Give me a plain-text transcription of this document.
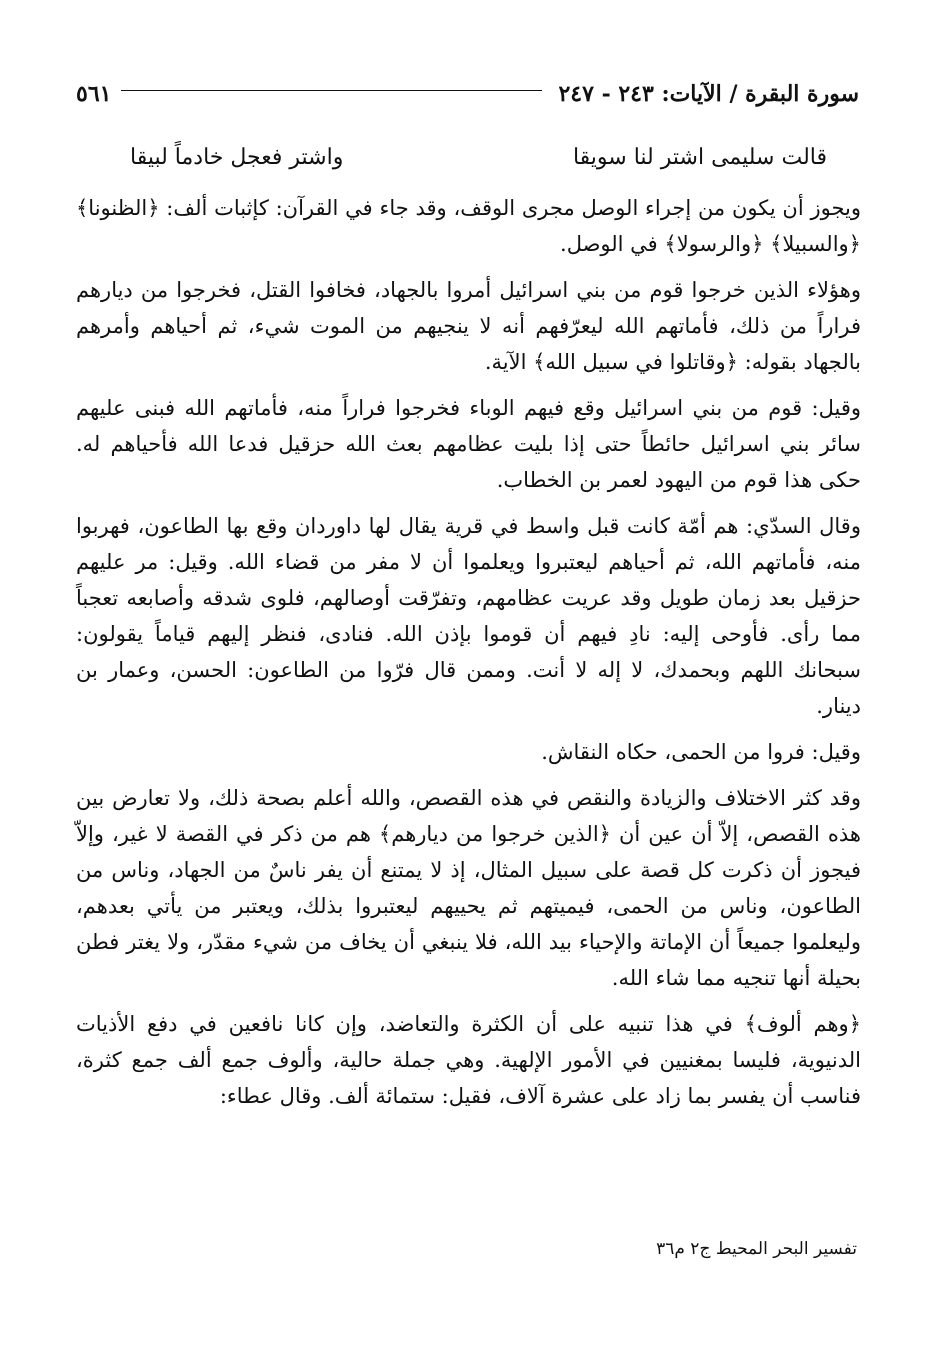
سورة البقرة / الآيات: ٢٤٣ - ٢٤٧
٥٦١
قالت سليمى اشتر لنا سويقا
واشتر فعجل خادماً لبيقا

ويجوز أن يكون من إجراء الوصل مجرى الوقف، وقد جاء في القرآن: كإثبات ألف: ﴿الظنونا﴾ ﴿والسبيلا﴾ ﴿والرسولا﴾ في الوصل.

وهؤلاء الذين خرجوا قوم من بني اسرائيل أمروا بالجهاد، فخافوا القتل، فخرجوا من ديارهم فراراً من ذلك، فأماتهم الله ليعرّفهم أنه لا ينجيهم من الموت شيء، ثم أحياهم وأمرهم بالجهاد بقوله: ﴿وقاتلوا في سبيل الله﴾ الآية.

وقيل: قوم من بني اسرائيل وقع فيهم الوباء فخرجوا فراراً منه، فأماتهم الله فبنى عليهم سائر بني اسرائيل حائطاً حتى إذا بليت عظامهم بعث الله حزقيل فدعا الله فأحياهم له. حكى هذا قوم من اليهود لعمر بن الخطاب.

وقال السدّي: هم أمّة كانت قبل واسط في قرية يقال لها داوردان وقع بها الطاعون، فهربوا منه، فأماتهم الله، ثم أحياهم ليعتبروا ويعلموا أن لا مفر من قضاء الله. وقيل: مر عليهم حزقيل بعد زمان طويل وقد عريت عظامهم، وتفرّقت أوصالهم، فلوى شدقه وأصابعه تعجباً مما رأى. فأوحى إليه: نادِ فيهم أن قوموا بإذن الله. فنادى، فنظر إليهم قياماً يقولون: سبحانك اللهم وبحمدك، لا إله لا أنت. وممن قال فرّوا من الطاعون: الحسن، وعمار بن دينار.

وقيل: فروا من الحمى، حكاه النقاش.

وقد كثر الاختلاف والزيادة والنقص في هذه القصص، والله أعلم بصحة ذلك، ولا تعارض بين هذه القصص، إلاّ أن عين أن ﴿الذين خرجوا من ديارهم﴾ هم من ذكر في القصة لا غير، وإلاّ فيجوز أن ذكرت كل قصة على سبيل المثال، إذ لا يمتنع أن يفر ناسٌ من الجهاد، وناس من الطاعون، وناس من الحمى، فيميتهم ثم يحييهم ليعتبروا بذلك، ويعتبر من يأتي بعدهم، وليعلموا جميعاً أن الإماتة والإحياء بيد الله، فلا ينبغي أن يخاف من شيء مقدّر، ولا يغتر فطن بحيلة أنها تنجيه مما شاء الله.

﴿وهم ألوف﴾ في هذا تنبيه على أن الكثرة والتعاضد، وإن كانا نافعين في دفع الأذيات الدنيوية، فليسا بمغنيين في الأمور الإلهية. وهي جملة حالية، وألوف جمع ألف جمع كثرة، فناسب أن يفسر بما زاد على عشرة آلاف، فقيل: ستمائة ألف. وقال عطاء:

تفسير البحر المحيط ج٢ م٣٦
